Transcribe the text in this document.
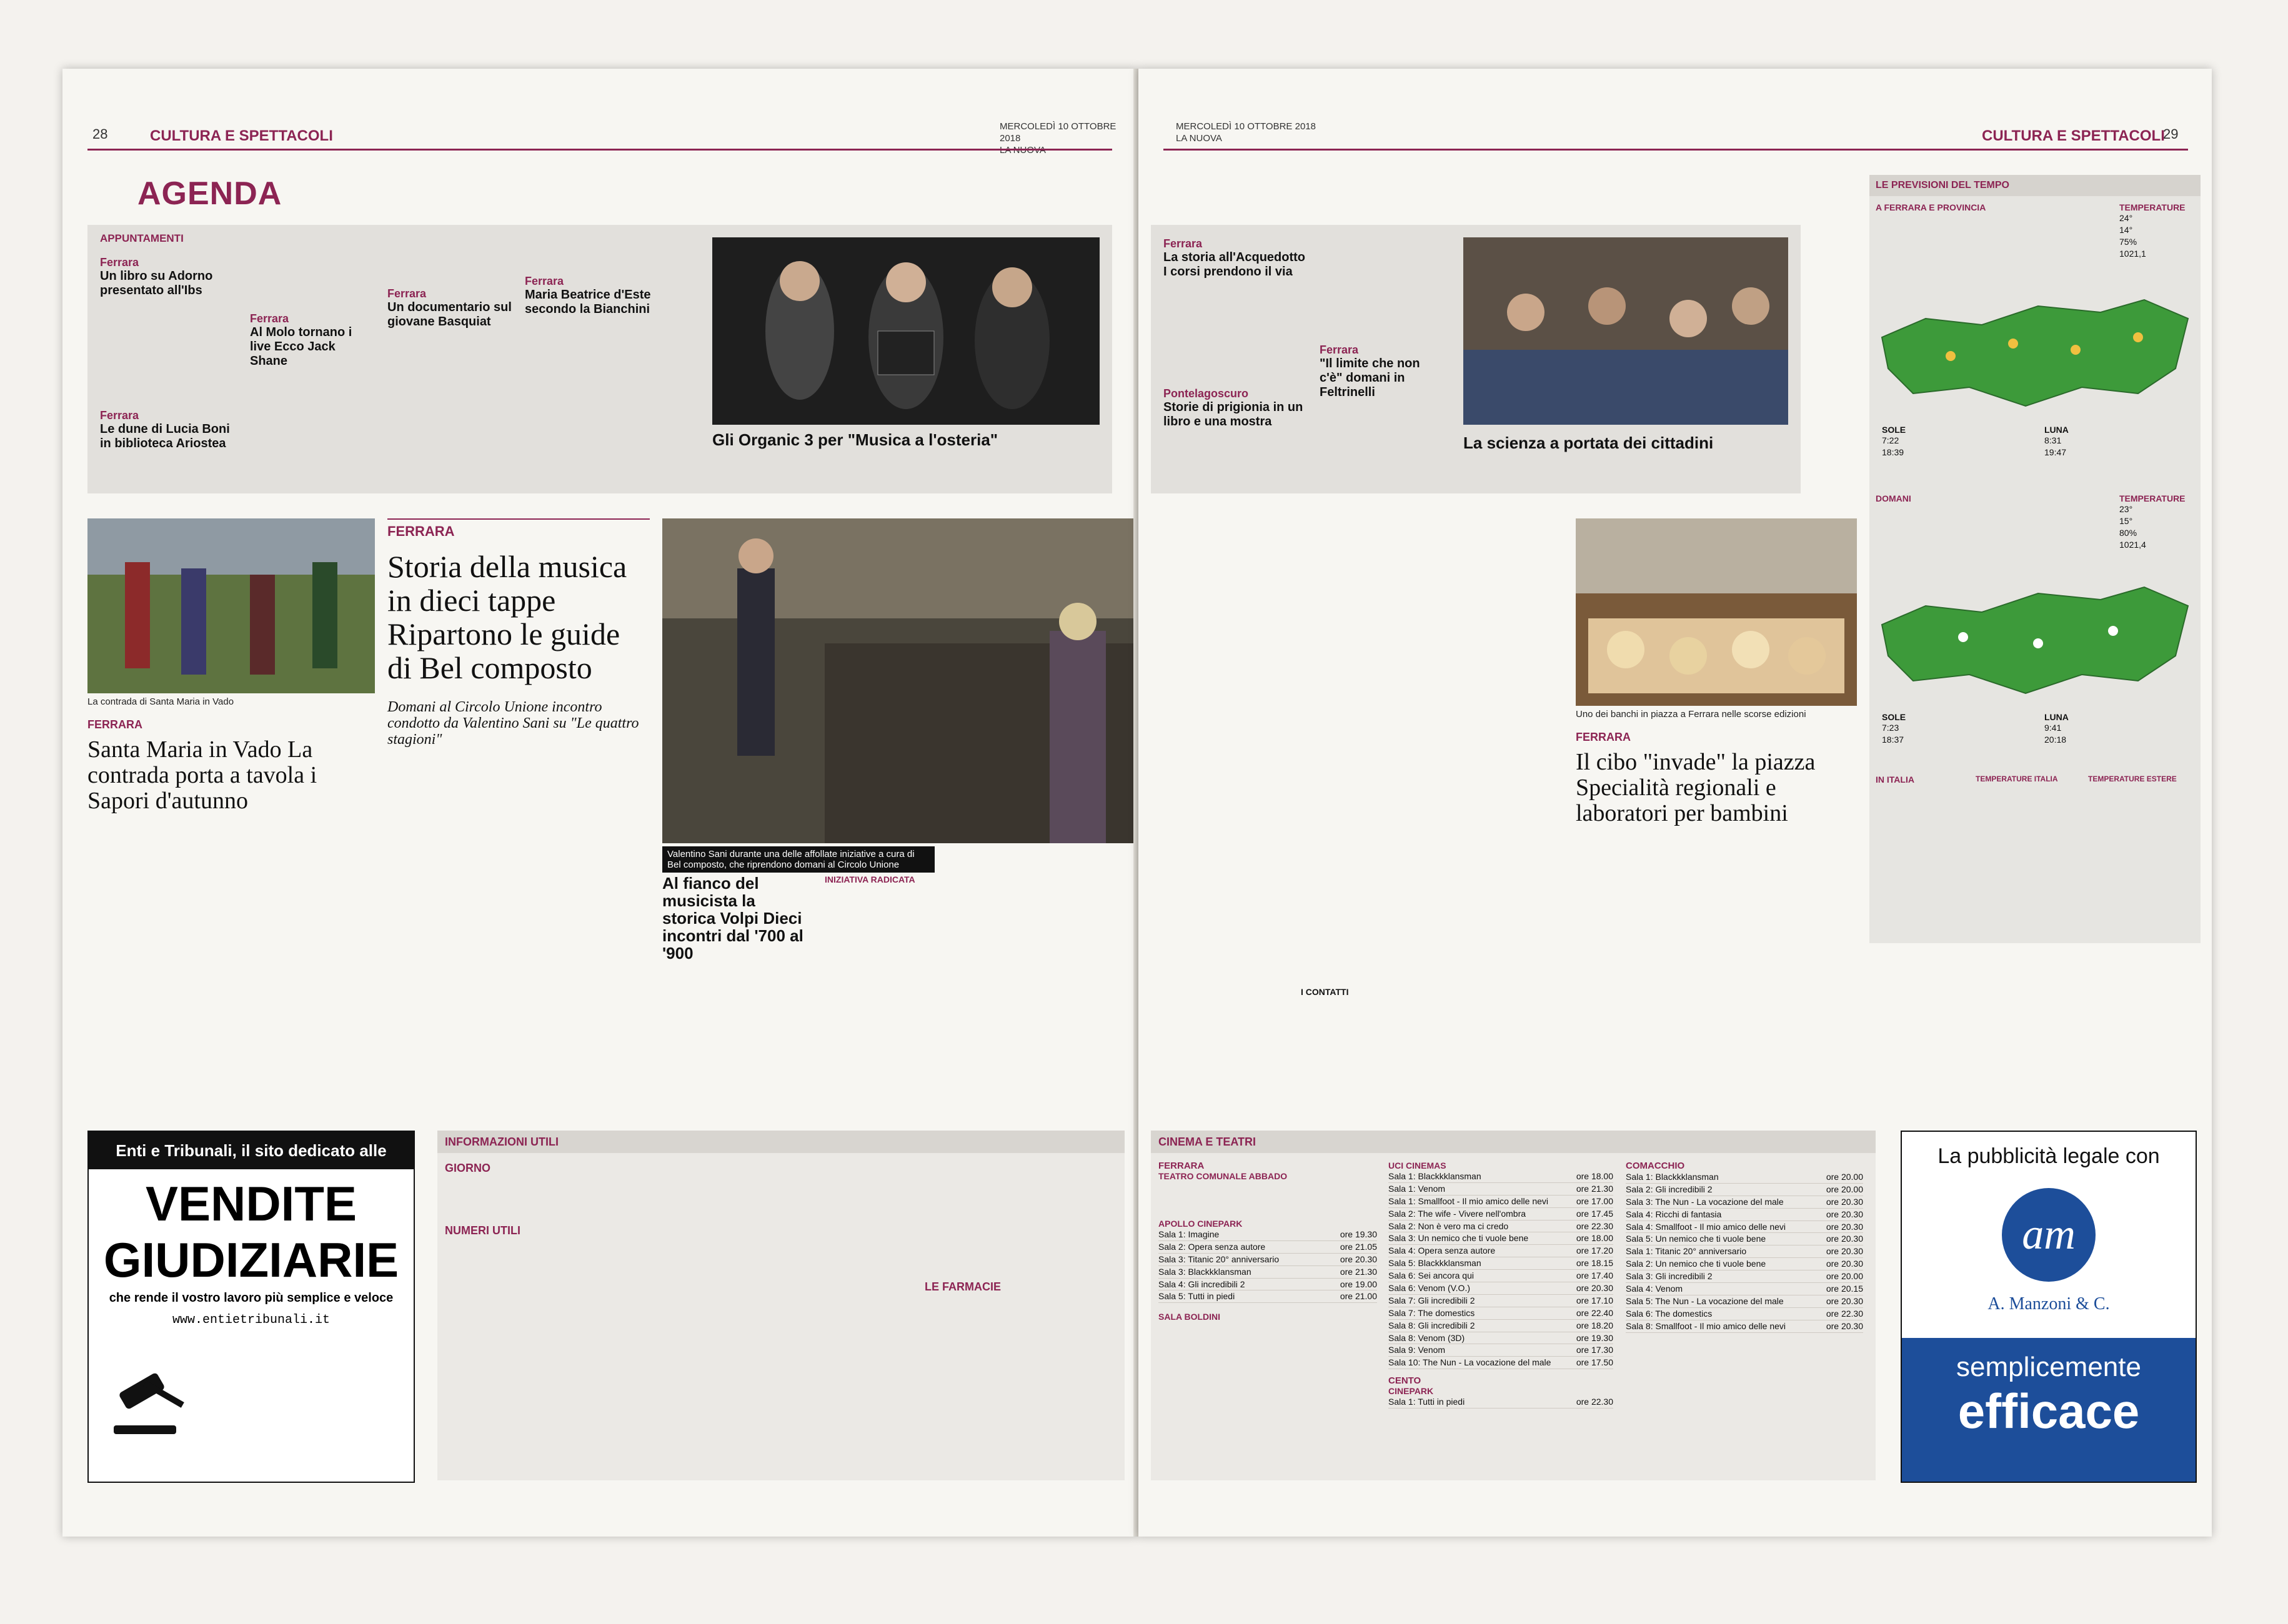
28	CULTURA E SPETTACOLI
MERCOLEDÌ 10 OTTOBRE 2018
AGENDA
APPUNTAMENTI
Ferrara
Un libro su Adorno presentato all'Ibs
Ferrara
Le dune di Lucia Boni in biblioteca Ariostea
Ferrara
Al Molo tornano i live Ecco Jack Shane
Ferrara
Un documentario sul giovane Basquiat
Ferrara
Maria Beatrice d'Este secondo la Bianchini
Gli Organic 3 per "Musica a l'osteria"
La contrada di Santa Maria in Vado
FERRARA
Santa Maria in Vado La contrada porta a tavola i Sapori d'autunno
FERRARA
Storia della musica in dieci tappe Ripartono le guide di Bel composto
Domani al Circolo Unione incontro condotto da Valentino Sani su "Le quattro stagioni"
Valentino Sani durante una delle affollate iniziative a cura di Bel composto, che riprendono domani al Circolo Unione
Al fianco del musicista la storica Volpi Dieci incontri dal '700 al '900
INIZIATIVA RADICATA
Enti e Tribunali, il sito dedicato alle
VENDITE
GIUDIZIARIE
che rende il vostro lavoro più semplice e veloce
www.entietribunali.it
INFORMAZIONI UTILI
GIORNO
NUMERI UTILI
LE FARMACIE
MERCOLEDÌ 10 OTTOBRE 2018
LA NUOVA	CULTURA E SPETTACOLI
29
Ferrara
La storia all'Acquedotto I corsi prendono il via
Pontelagoscuro
Storie di prigionia in un libro e una mostra
Ferrara
"Il limite che non c'è" domani in Feltrinelli
La scienza a portata dei cittadini
Uno dei banchi in piazza a Ferrara nelle scorse edizioni
FERRARA
Il cibo "invade" la piazza Specialità regionali e laboratori per bambini
I CONTATTI
LE PREVISIONI DEL TEMPO
A FERRARA E PROVINCIA	TEMPERATURE
24°
14°
75%
1021,1
SOLE
7:22
18:39
LUNA
8:31
19:47
DOMANI	TEMPERATURE
23°
15°
80%
1021,4
SOLE
7:23
18:37
LUNA
9:41
20:18
IN ITALIA	TEMPERATURE ITALIA	TEMPERATURE ESTERE
CINEMA E TEATRI
FERRARA
TEATRO COMUNALE ABBADO
APOLLO CINEPARK
Sala 1: Imagine	ore 19.30
Sala 2: Opera senza autore	ore 21.05
Sala 3: Titanic 20° anniversario	ore 20.30
Sala 3: Blackkklansman	ore 21.30
Sala 4: Gli incredibili 2	ore 19.00
Sala 5: Tutti in piedi	ore 21.00
SALA BOLDINI
UCI CINEMAS
Sala 1: Blackkklansman	ore 18.00
Sala 1: Venom	ore 21.30
Sala 1: Smallfoot - Il mio amico delle nevi	ore 17.00
Sala 2: The wife - Vivere nell'ombra	ore 17.45
Sala 2: Non è vero ma ci credo	ore 22.30
Sala 3: Un nemico che ti vuole bene	ore 18.00
Sala 4: Opera senza autore	ore 17.20
Sala 5: Blackkklansman	ore 18.15
Sala 6: Sei ancora qui	ore 17.40
Sala 6: Venom (V.O.)	ore 20.30
Sala 7: Gli incredibili 2	ore 17.10
Sala 7: The domestics	ore 22.40
Sala 8: Gli incredibili 2	ore 18.20
Sala 8: Venom (3D)	ore 19.30
Sala 9: Venom	ore 17.30
Sala 10: The Nun - La vocazione del male	ore 17.50
CENTO
CINEPARK
Sala 1: Tutti in piedi	ore 22.30
COMACCHIO
Sala 1: Blackkklansman	ore 20.00
Sala 2: Gli incredibili 2	ore 20.00
Sala 3: The Nun - La vocazione del male	ore 20.30
Sala 4: Ricchi di fantasia	ore 20.30
Sala 4: Smallfoot - Il mio amico delle nevi	ore 20.30
Sala 5: Un nemico che ti vuole bene	ore 20.30
Sala 1: Titanic 20° anniversario	ore 20.30
Sala 2: Un nemico che ti vuole bene	ore 20.30
Sala 3: Gli incredibili 2	ore 20.00
Sala 4: Venom	ore 20.15
Sala 5: The Nun - La vocazione del male	ore 20.30
Sala 6: The domestics	ore 22.30
Sala 8: Smallfoot - Il mio amico delle nevi	ore 20.30
La pubblicità legale con
am
A. Manzoni & C.
semplicemente
efficace
